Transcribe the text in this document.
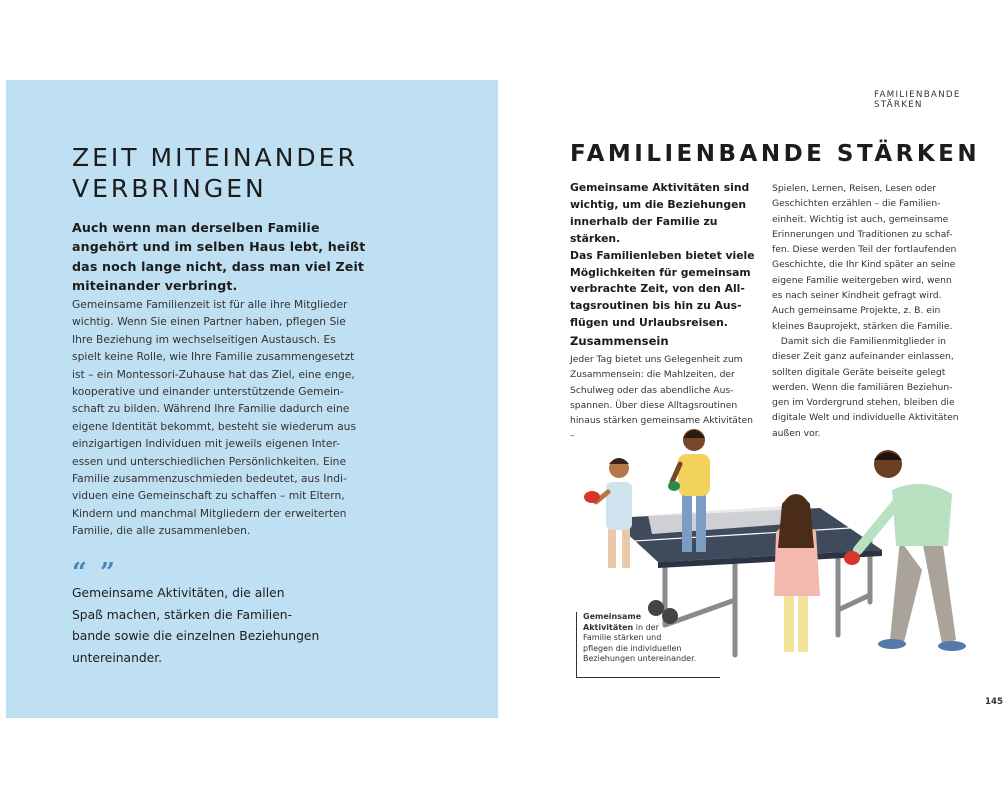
ZEIT MITEINANDER
VERBRINGEN

Auch wenn man derselben Familie angehört und im selben Haus lebt, heißt das noch lange nicht, dass man viel Zeit miteinander verbringt.

Gemeinsame Familienzeit ist für alle ihre Mitglieder
wichtig. Wenn Sie einen Partner haben, pflegen Sie
Ihre Beziehung im wechselseitigen Austausch. Es
spielt keine Rolle, wie Ihre Familie zusammengesetzt
ist – ein Montessori-Zuhause hat das Ziel, eine enge,
kooperative und einander unterstützende Gemein-
schaft zu bilden. Während Ihre Familie dadurch eine
eigene Identität bekommt, besteht sie wiederum aus
einzigartigen Individuen mit jeweils eigenen Inter-
essen und unterschiedlichen Persönlichkeiten. Eine
Familie zusammenzuschmieden bedeutet, aus Indi-
viduen eine Gemeinschaft zu schaffen – mit Eltern,
Kindern und manchmal Mitgliedern der erweiterten
Familie, die alle zusammenleben.
“ ”
Gemeinsame Aktivitäten, die allen
Spaß machen, stärken die Familien-
bande sowie die einzelnen Beziehungen
untereinander.
FAMILIENBANDE STÄRKEN
FAMILIENBANDE STÄRKEN
Gemeinsame Aktivitäten sind
wichtig, um die Beziehungen
innerhalb der Familie zu stärken.
Das Familienleben bietet viele
Möglichkeiten für gemeinsam
verbrachte Zeit, von den All-
tagsroutinen bis hin zu Aus-
flügen und Urlaubsreisen.
Zusammensein
Jeder Tag bietet uns Gelegenheit zum
Zusammensein: die Mahlzeiten, der
Schulweg oder das abendliche Aus-
spannen. Über diese Alltagsroutinen
hinaus stärken gemeinsame Aktivitäten –
Spielen, Lernen, Reisen, Lesen oder
Geschichten erzählen – die Familien-
einheit. Wichtig ist auch, gemeinsame
Erinnerungen und Traditionen zu schaf-
fen. Diese werden Teil der fortlaufenden
Geschichte, die Ihr Kind später an seine
eigene Familie weitergeben wird, wenn
es nach seiner Kindheit gefragt wird.
Auch gemeinsame Projekte, z. B. ein
kleines Bauprojekt, stärken die Familie.
Damit sich die Familienmitglieder in
dieser Zeit ganz aufeinander einlassen,
sollten digitale Geräte beiseite gelegt
werden. Wenn die familiären Beziehun-
gen im Vordergrund stehen, bleiben die
digitale Welt und individuelle Aktivitäten
außen vor.
Gemeinsame
Aktivitäten in der
Familie stärken und
pflegen die individuellen
Beziehungen untereinander.
145
